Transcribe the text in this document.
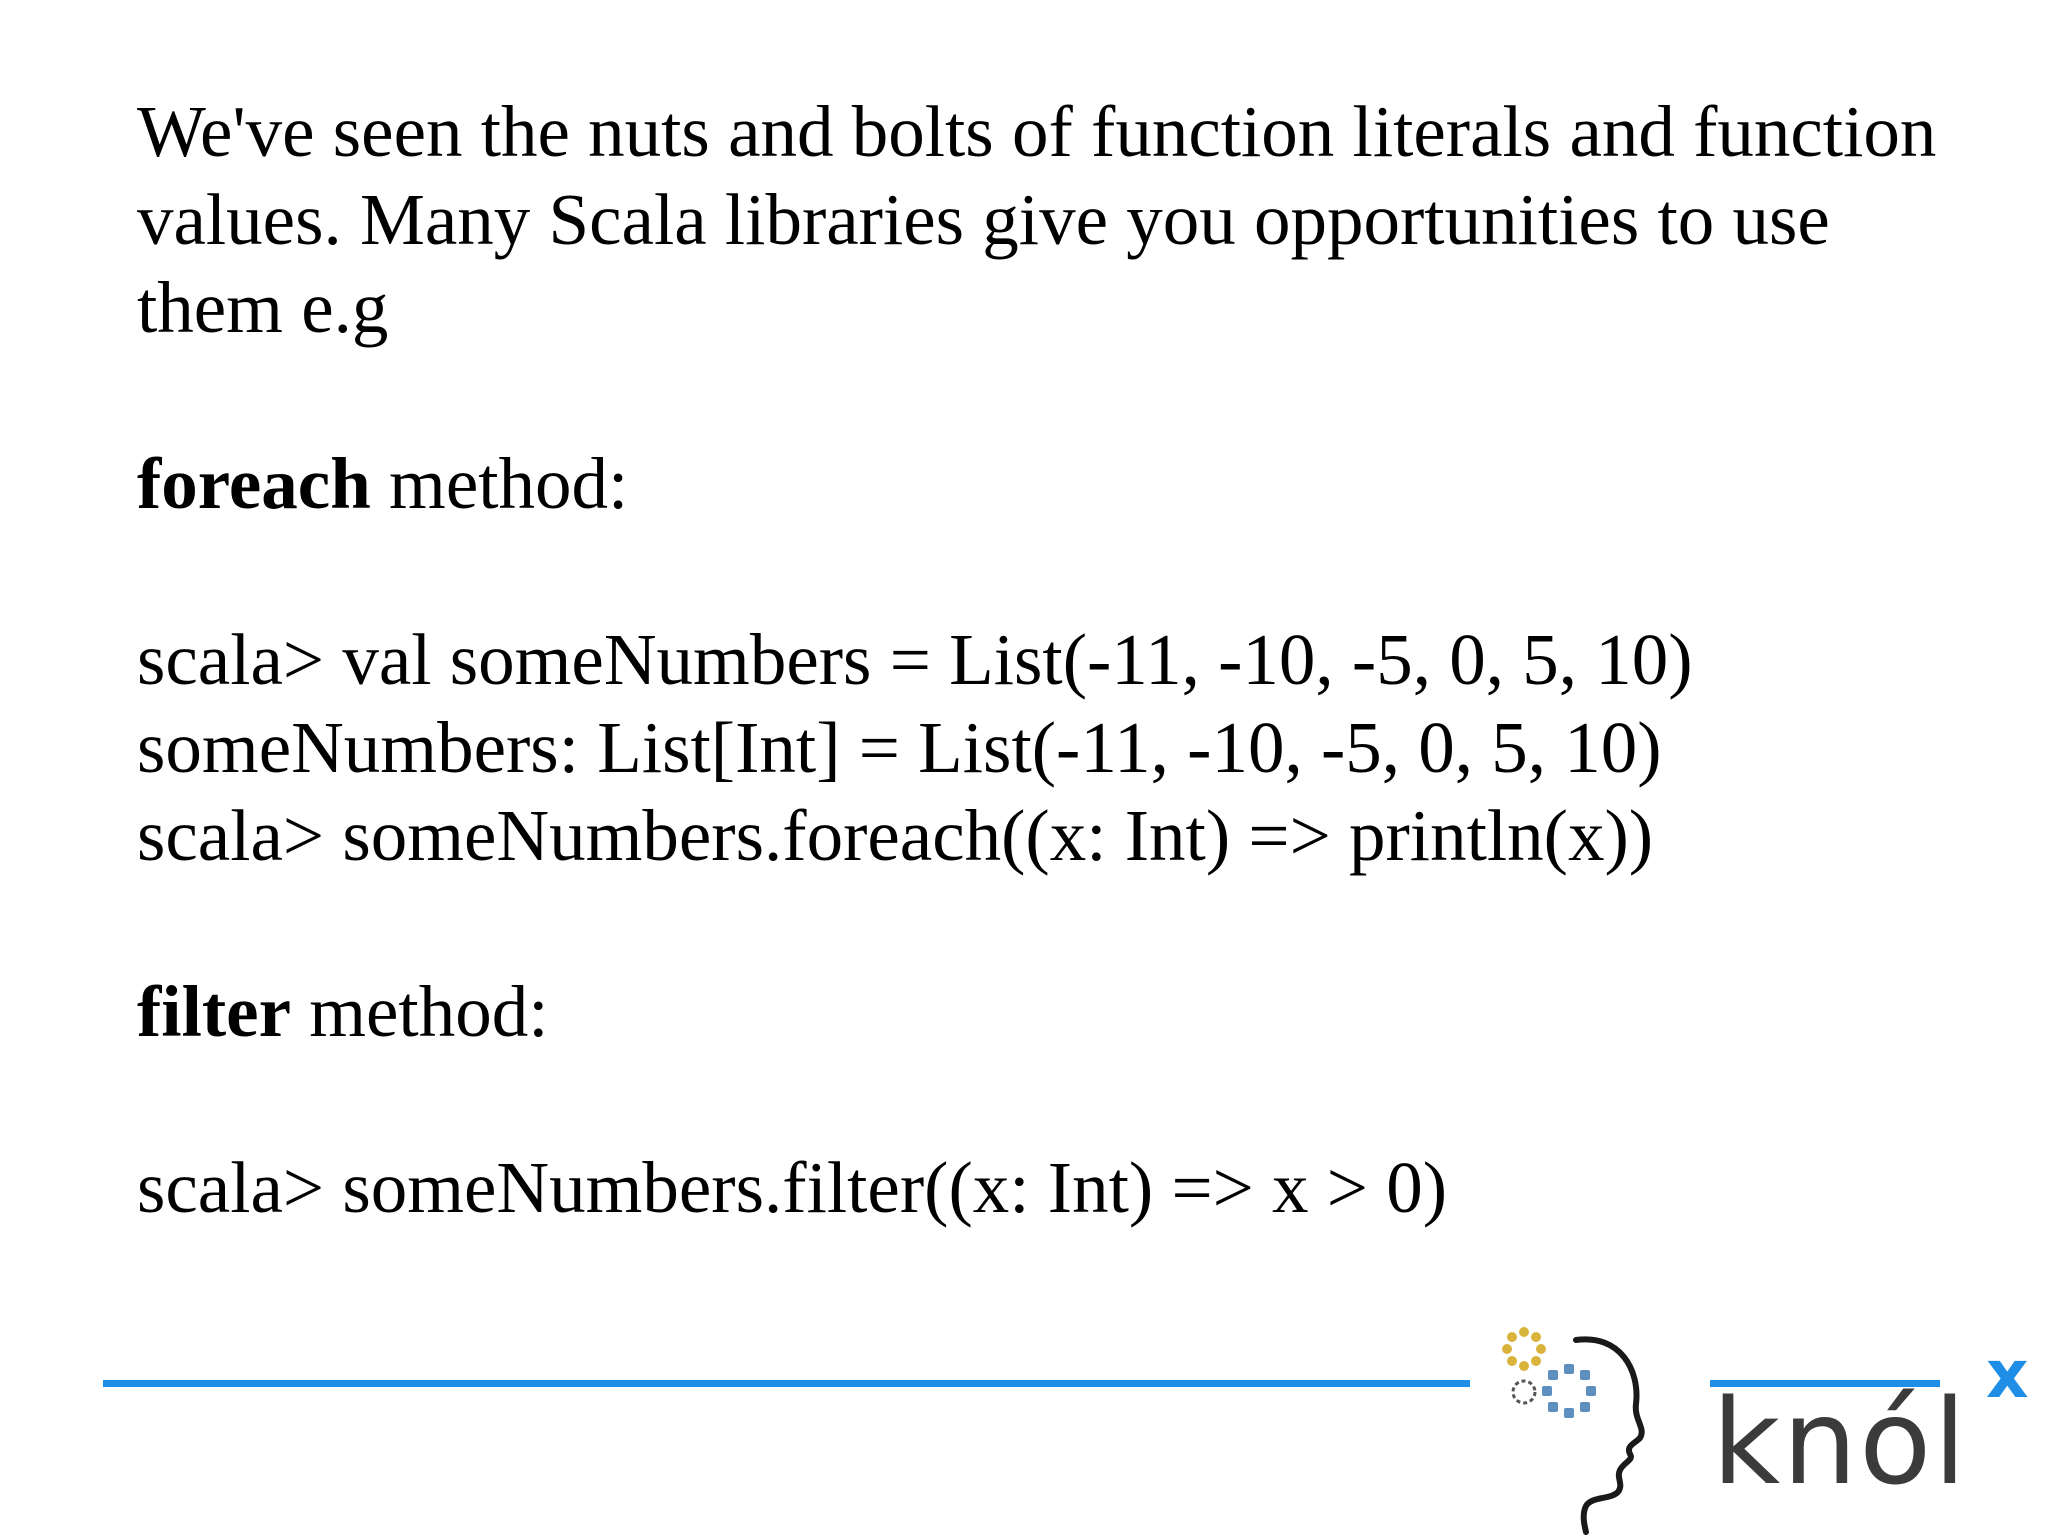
We've seen the nuts and bolts of function literals and function

values. Many Scala libraries give you opportunities to use

them e.g

foreach method:

scala> val someNumbers = List(-11, -10, -5, 0, 5, 10)

someNumbers: List[Int] = List(-11, -10, -5, 0, 5, 10)

scala> someNumbers.foreach((x: Int) => println(x))

filter method:

scala> someNumbers.filter((x: Int) => x > 0)

knól x
